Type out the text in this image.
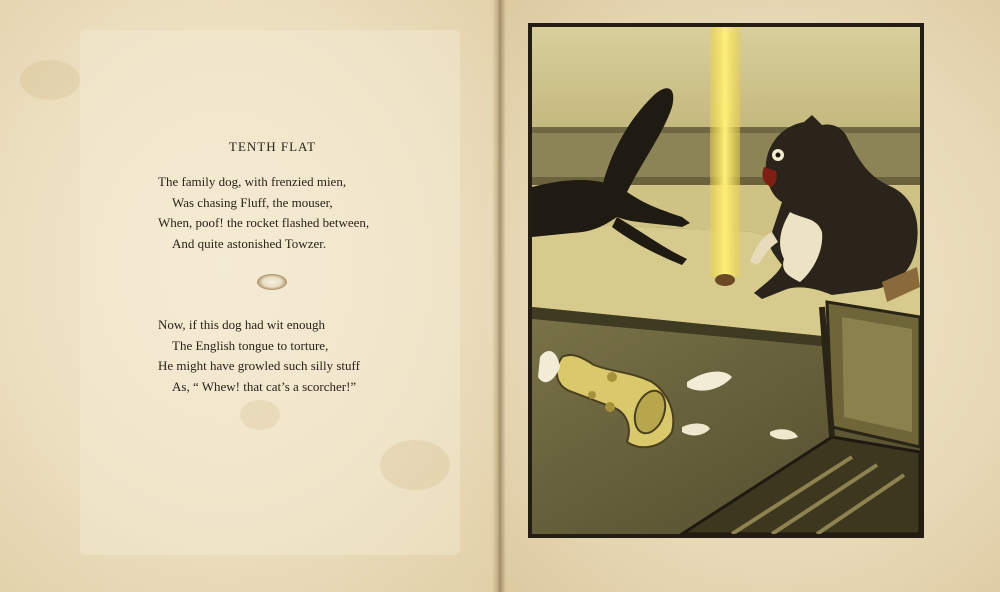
TENTH FLAT
The family dog, with frenzied mien,
Was chasing Fluff, the mouser,
When, poof! the rocket flashed between,
And quite astonished Towzer.
Now, if this dog had wit enough
The English tongue to torture,
He might have growled such silly stuff
As, “ Whew! that cat’s a scorcher!”
